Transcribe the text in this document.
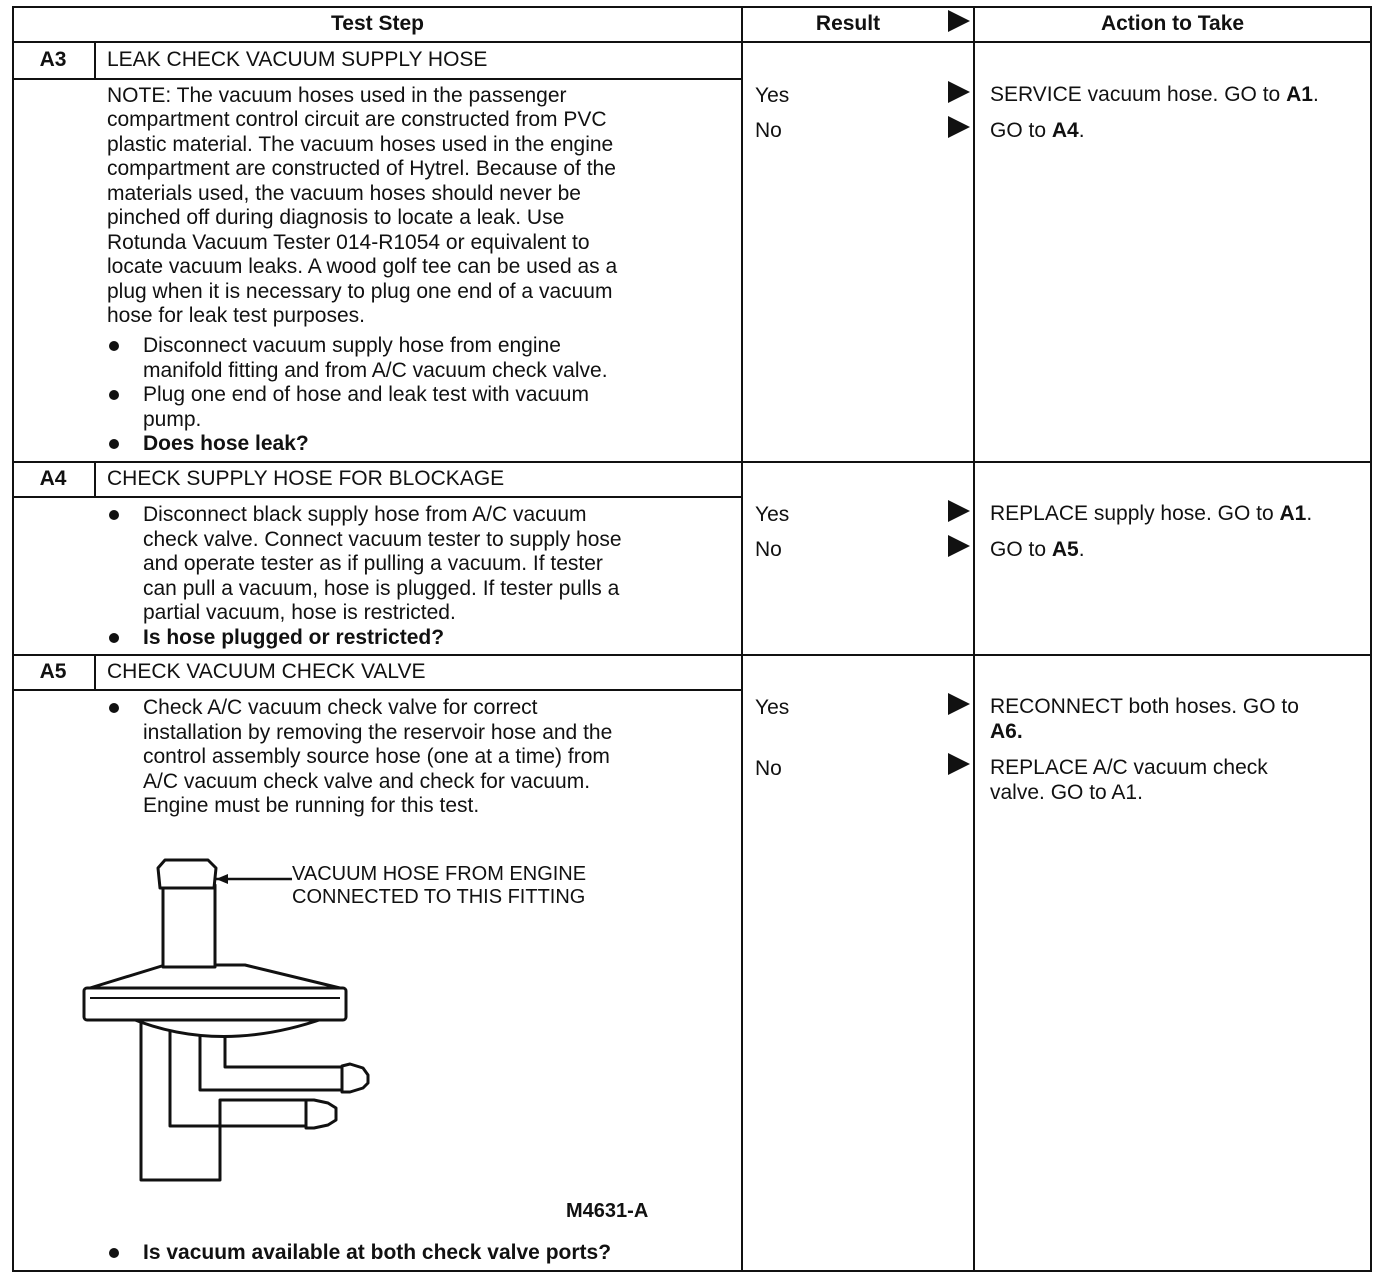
Test Step	Result	Action to Take
A3	LEAK CHECK VACUUM SUPPLY HOSE
NOTE: The vacuum hoses used in the passenger
compartment control circuit are constructed from PVC
plastic material. The vacuum hoses used in the engine
compartment are constructed of Hytrel. Because of the
materials used, the vacuum hoses should never be
pinched off during diagnosis to locate a leak. Use
Rotunda Vacuum Tester 014-R1054 or equivalent to
locate vacuum leaks. A wood golf tee can be used as a
plug when it is necessary to plug one end of a vacuum
hose for leak test purposes.
Disconnect vacuum supply hose from engine
manifold fitting and from A/C vacuum check valve.
Plug one end of hose and leak test with vacuum
pump.
Does hose leak?
Yes	SERVICE vacuum hose. GO to A1.
No	GO to A4.
A4	CHECK SUPPLY HOSE FOR BLOCKAGE
Disconnect black supply hose from A/C vacuum
check valve. Connect vacuum tester to supply hose
and operate tester as if pulling a vacuum. If tester
can pull a vacuum, hose is plugged. If tester pulls a
partial vacuum, hose is restricted.
Is hose plugged or restricted?
Yes	REPLACE supply hose. GO to A1.
No	GO to A5.
A5	CHECK VACUUM CHECK VALVE
Check A/C vacuum check valve for correct
installation by removing the reservoir hose and the
control assembly source hose (one at a time) from
A/C vacuum check valve and check for vacuum.
Engine must be running for this test.
VACUUM HOSE FROM ENGINE
CONNECTED TO THIS FITTING
M4631-A
Is vacuum available at both check valve ports?
Yes	RECONNECT both hoses. GO to
A6.
No	REPLACE A/C vacuum check
valve. GO to A1.
